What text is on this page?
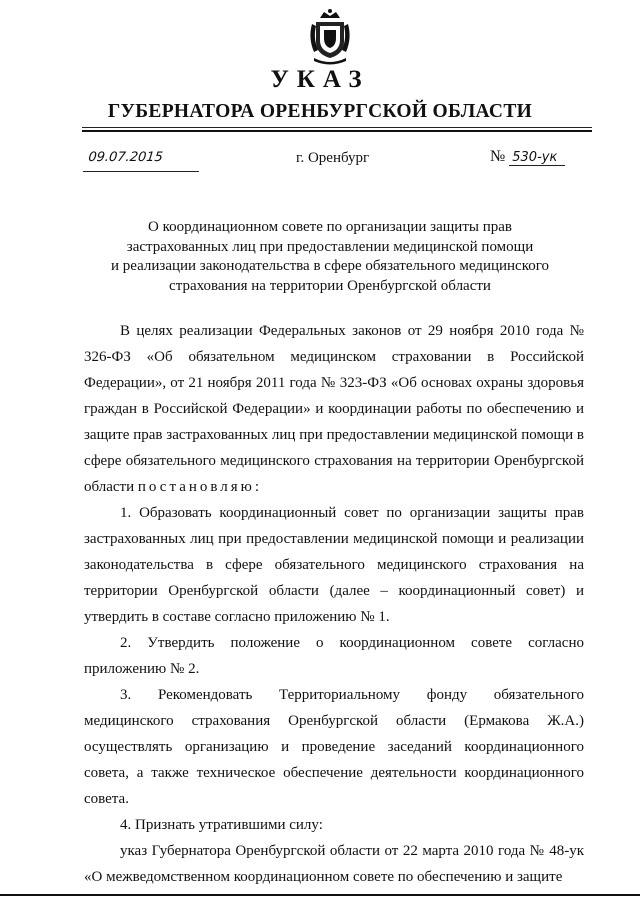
УКАЗ
ГУБЕРНАТОРА ОРЕНБУРГСКОЙ ОБЛАСТИ
09.07.2015	г. Оренбург	№ 530-ук
О координационном совете по организации защиты прав
застрахованных лиц при предоставлении медицинской помощи
и реализации законодательства в сфере обязательного медицинского
страхования на территории Оренбургской области

В целях реализации Федеральных законов от 29 ноября 2010 года № 326-ФЗ «Об обязательном медицинском страховании в Российской Федерации», от 21 ноября 2011 года № 323-ФЗ «Об основах охраны здоровья граждан в Российской Федерации» и координации работы по обеспечению и защите прав застрахованных лиц при предоставлении медицинской помощи в сфере обязательного медицинского страхования на территории Оренбургской области постановляю:

1. Образовать координационный совет по организации защиты прав застрахованных лиц при предоставлении медицинской помощи и реализации законодательства в сфере обязательного медицинского страхования на территории Оренбургской области (далее – координационный совет) и утвердить в составе согласно приложению № 1.

2. Утвердить положение о координационном совете согласно приложению № 2.

3. Рекомендовать Территориальному фонду обязательного медицинского страхования Оренбургской области (Ермакова Ж.А.) осуществлять организацию и проведение заседаний координационного совета, а также техническое обеспечение деятельности координационного совета.

4. Признать утратившими силу:

указ Губернатора Оренбургской области от 22 марта 2010 года № 48-ук «О межведомственном координационном совете по обеспечению и защите
